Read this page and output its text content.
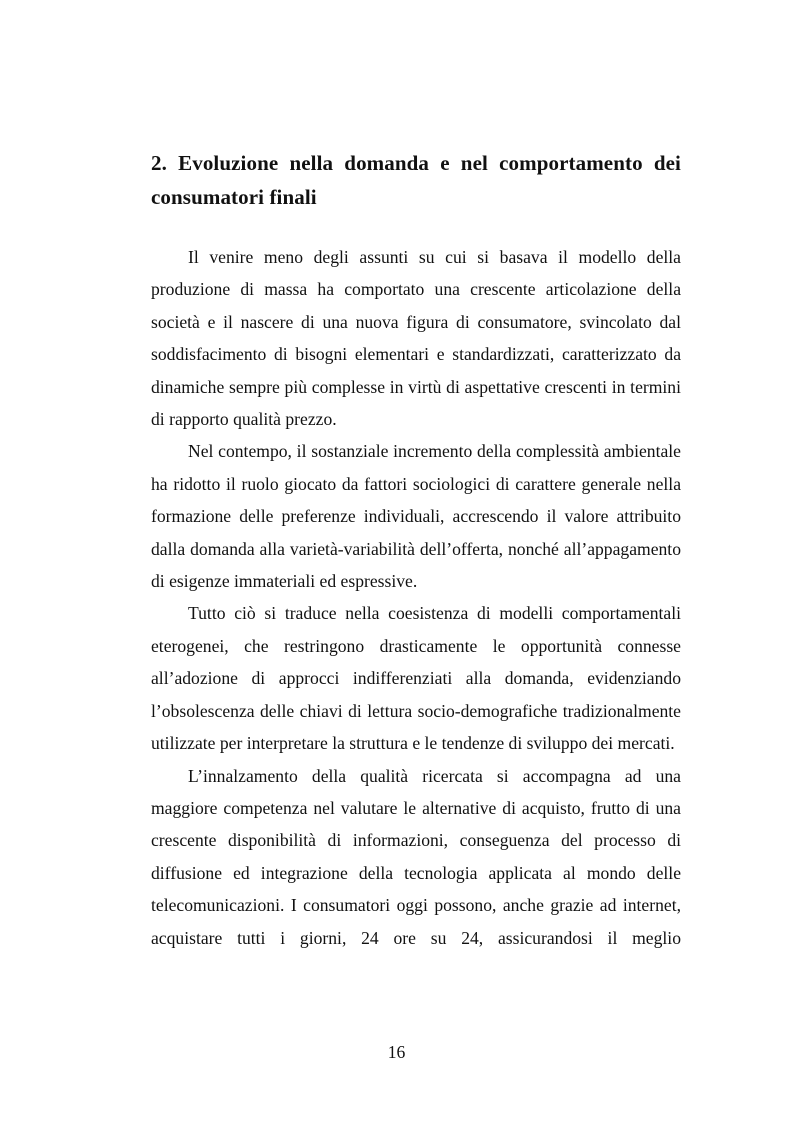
2. Evoluzione nella domanda e nel comportamento dei consumatori finali

Il venire meno degli assunti su cui si basava il modello della produzione di massa ha comportato una crescente articolazione della società e il nascere di una nuova figura di consumatore, svincolato dal soddisfacimento di bisogni elementari e standardizzati, caratterizzato da dinamiche sempre più complesse in virtù di aspettative crescenti in termini di rapporto qualità prezzo.

Nel contempo, il sostanziale incremento della complessità ambientale ha ridotto il ruolo giocato da fattori sociologici di carattere generale nella formazione delle preferenze individuali, accrescendo il valore attribuito dalla domanda alla varietà-variabilità dell’offerta, nonché all’appagamento di esigenze immateriali ed espressive.

Tutto ciò si traduce nella coesistenza di modelli comportamentali eterogenei, che restringono drasticamente le opportunità connesse all’adozione di approcci indifferenziati alla domanda, evidenziando l’obsolescenza delle chiavi di lettura socio-demografiche tradizionalmente utilizzate per interpretare la struttura e le tendenze di sviluppo dei mercati.

L’innalzamento della qualità ricercata si accompagna ad una maggiore competenza nel valutare le alternative di acquisto, frutto di una crescente disponibilità di informazioni, conseguenza del processo di diffusione ed integrazione della tecnologia applicata al mondo delle telecomunicazioni. I consumatori oggi possono, anche grazie ad internet, acquistare tutti i giorni, 24 ore su 24, assicurandosi il meglio

16
